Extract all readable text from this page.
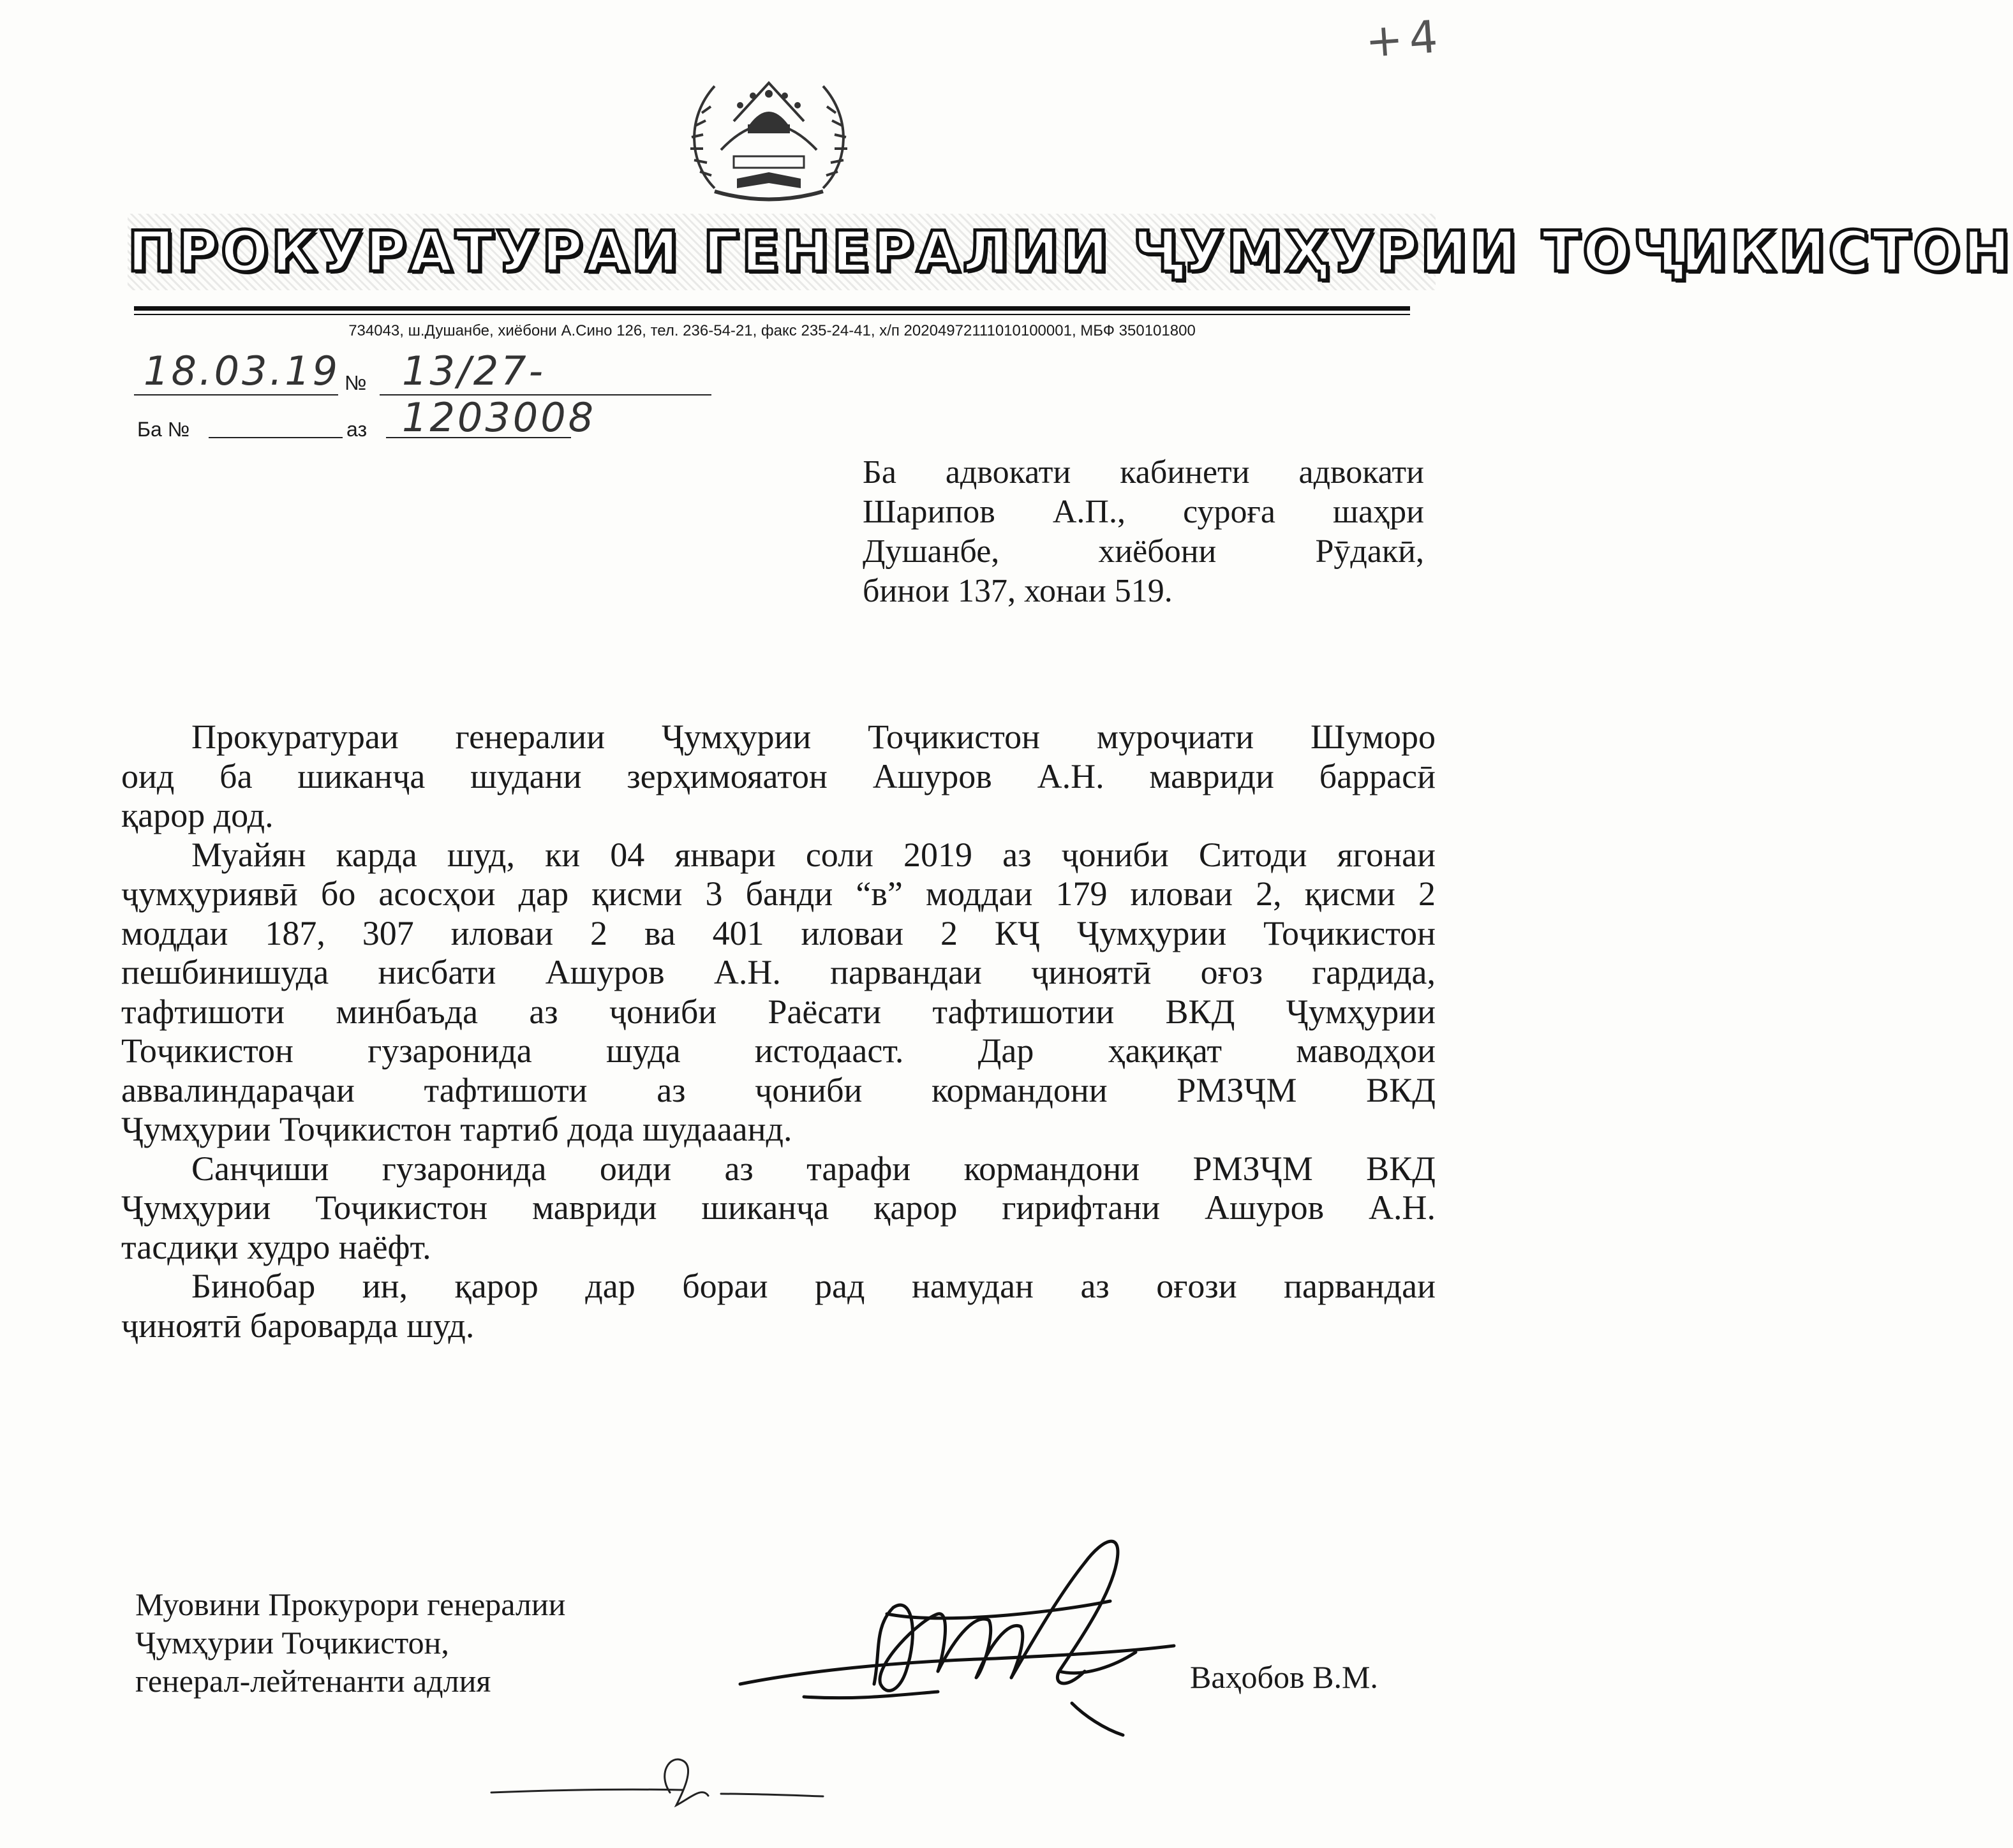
+4
ПРОКУРАТУРАИ ГЕНЕРАЛИИ ҶУМҲУРИИ ТОҶИКИСТОН
734043, ш.Душанбе, хиёбони А.Сино 126, тел. 236-54-21, факс 235-24-41, х/п 20204972111010100001, МБФ 350101800
18.03.19 № 13/27-1203008
Ба №	аз
Ба адвокати кабинети адвокати
Шарипов А.П., суроға шаҳри
Душанбе, хиёбони Рӯдакӣ,
бинои 137, хонаи 519.
Прокуратураи генералии Ҷумҳурии Тоҷикистон муроҷиати Шуморо
оид ба шиканҷа шудани зерҳимояатон Ашуров А.Н. мавриди баррасӣ
қарор дод.
Муайян карда шуд, ки 04 январи соли 2019 аз ҷониби Ситоди ягонаи
ҷумҳуриявӣ бо асосҳои дар қисми 3 банди “в” моддаи 179 иловаи 2, қисми 2
моддаи 187, 307 иловаи 2 ва 401 иловаи 2 КҶ Ҷумҳурии Тоҷикистон
пешбинишуда нисбати Ашуров А.Н. парвандаи ҷиноятӣ оғоз гардида,
тафтишоти минбаъда аз ҷониби Раёсати тафтишотии ВКД Ҷумҳурии
Тоҷикистон гузаронида шуда истодааст. Дар ҳақиқат маводҳои
аввалиндараҷаи тафтишоти аз ҷониби кормандони РМЗҶМ ВКД
Ҷумҳурии Тоҷикистон тартиб дода шудааанд.
Санҷиши гузаронида оиди аз тарафи кормандони РМЗҶМ ВКД
Ҷумҳурии Тоҷикистон мавриди шиканҷа қарор гирифтани Ашуров А.Н.
тасдиқи худро наёфт.
Бинобар ин, қарор дар бораи рад намудан аз оғози парвандаи
ҷиноятӣ бароварда шуд.
Муовини Прокурори генералии
Ҷумҳурии Тоҷикистон,
генерал-лейтенанти адлия	Ваҳобов В.М.
